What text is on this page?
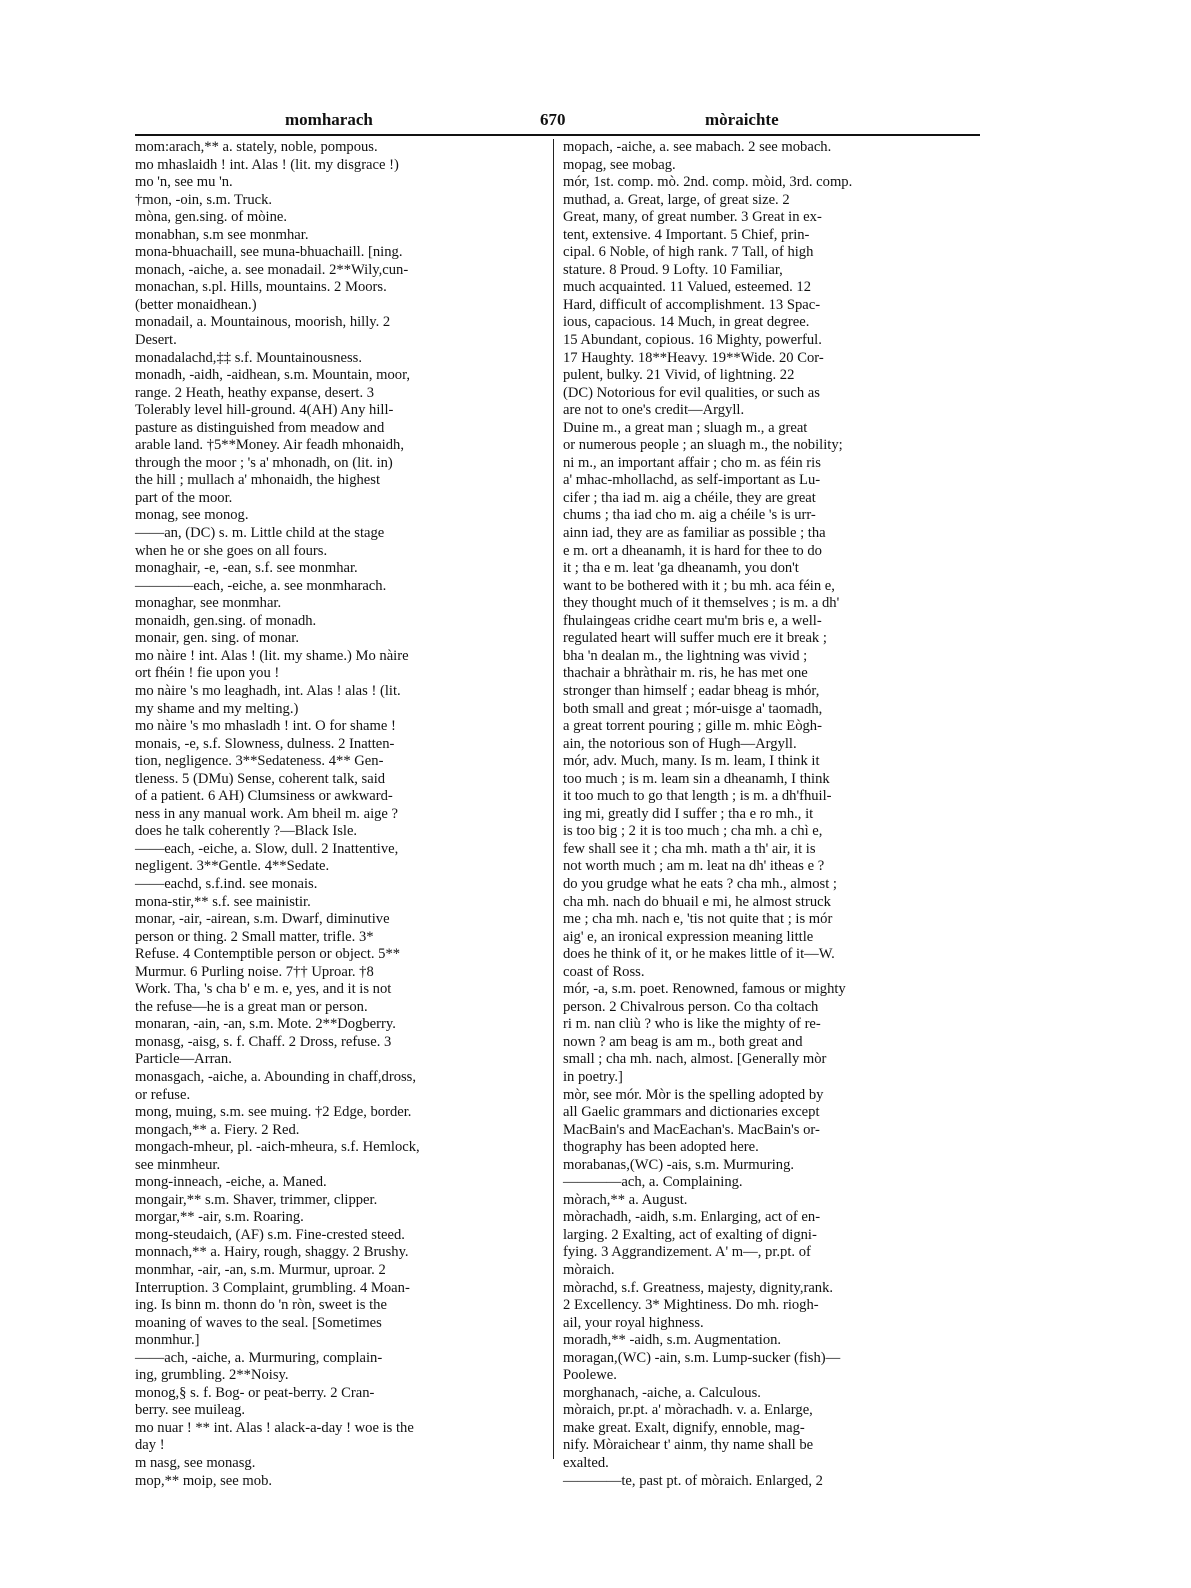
momharach	670	mòraichte
mom:arach,** a. stately, noble, pompous.
mo mhaslaidh ! int. Alas ! (lit. my disgrace !)
mo 'n, see mu 'n.
†mon, -oin, s.m. Truck.
mòna, gen.sing. of mòine.
monabhan, s.m see monmhar.
mona-bhuachaill, see muna-bhuachaill. [ning.
monach, -aiche, a. see monadail. 2**Wily,cun-
monachan, s.pl. Hills, mountains. 2 Moors.
(better monaidhean.)
monadail, a. Mountainous, moorish, hilly. 2
Desert.
monadalachd,‡‡ s.f. Mountainousness.
monadh, -aidh, -aidhean, s.m. Mountain, moor,
range. 2 Heath, heathy expanse, desert. 3
Tolerably level hill-ground. 4(AH) Any hill-
pasture as distinguished from meadow and
arable land. †5**Money. Air feadh mhonaidh,
through the moor ; 's a' mhonadh, on (lit. in)
the hill ; mullach a' mhonaidh, the highest
part of the moor.
monag, see monog.
——an, (DC) s. m. Little child at the stage
when he or she goes on all fours.
monaghair, -e, -ean, s.f. see monmhar.
————each, -eiche, a. see monmharach.
monaghar, see monmhar.
monaidh, gen.sing. of monadh.
monair, gen. sing. of monar.
mo nàire ! int. Alas ! (lit. my shame.) Mo nàire
ort fhéin ! fie upon you !
mo nàire 's mo leaghadh, int. Alas ! alas ! (lit.
my shame and my melting.)
mo nàire 's mo mhasladh ! int. O for shame !
monais, -e, s.f. Slowness, dulness. 2 Inatten-
tion, negligence. 3**Sedateness. 4** Gen-
tleness. 5 (DMu) Sense, coherent talk, said
of a patient. 6 AH) Clumsiness or awkward-
ness in any manual work. Am bheil m. aige ?
does he talk coherently ?—Black Isle.
——each, -eiche, a. Slow, dull. 2 Inattentive,
negligent. 3**Gentle. 4**Sedate.
——eachd, s.f.ind. see monais.
mona-stir,** s.f. see mainistir.
monar, -air, -airean, s.m. Dwarf, diminutive
person or thing. 2 Small matter, trifle. 3*
Refuse. 4 Contemptible person or object. 5**
Murmur. 6 Purling noise. 7†† Uproar. †8
Work. Tha, 's cha b' e m. e, yes, and it is not
the refuse—he is a great man or person.
monaran, -ain, -an, s.m. Mote. 2**Dogberry.
monasg, -aisg, s. f. Chaff. 2 Dross, refuse. 3
Particle—Arran.
monasgach, -aiche, a. Abounding in chaff,dross,
or refuse.
mong, muing, s.m. see muing. †2 Edge, border.
mongach,** a. Fiery. 2 Red.
mongach-mheur, pl. -aich-mheura, s.f. Hemlock,
see minmheur.
mong-inneach, -eiche, a. Maned.
mongair,** s.m. Shaver, trimmer, clipper.
morgar,** -air, s.m. Roaring.
mong-steudaich, (AF) s.m. Fine-crested steed.
monnach,** a. Hairy, rough, shaggy. 2 Brushy.
monmhar, -air, -an, s.m. Murmur, uproar. 2
Interruption. 3 Complaint, grumbling. 4 Moan-
ing. Is binn m. thonn do 'n ròn, sweet is the
moaning of waves to the seal. [Sometimes
monmhur.]
——ach, -aiche, a. Murmuring, complain-
ing, grumbling. 2**Noisy.
monog,§ s. f. Bog- or peat-berry. 2 Cran-
berry. see muileag.
mo nuar ! ** int. Alas ! alack-a-day ! woe is the
day !
m nasg, see monasg.
mop,** moip, see mob.
mopach, -aiche, a. see mabach. 2 see mobach.
mopag, see mobag.
mór, 1st. comp. mò. 2nd. comp. mòid, 3rd. comp.
muthad, a. Great, large, of great size. 2
Great, many, of great number. 3 Great in ex-
tent, extensive. 4 Important. 5 Chief, prin-
cipal. 6 Noble, of high rank. 7 Tall, of high
stature. 8 Proud. 9 Lofty. 10 Familiar,
much acquainted. 11 Valued, esteemed. 12
Hard, difficult of accomplishment. 13 Spac-
ious, capacious. 14 Much, in great degree.
15 Abundant, copious. 16 Mighty, powerful.
17 Haughty. 18**Heavy. 19**Wide. 20 Cor-
pulent, bulky. 21 Vivid, of lightning. 22
(DC) Notorious for evil qualities, or such as
are not to one's credit—Argyll.
Duine m., a great man ; sluagh m., a great
or numerous people ; an sluagh m., the nobility;
ni m., an important affair ; cho m. as féin ris
a' mhac-mhollachd, as self-important as Lu-
cifer ; tha iad m. aig a chéile, they are great
chums ; tha iad cho m. aig a chéile 's is urr-
ainn iad, they are as familiar as possible ; tha
e m. ort a dheanamh, it is hard for thee to do
it ; tha e m. leat 'ga dheanamh, you don't
want to be bothered with it ; bu mh. aca féin e,
they thought much of it themselves ; is m. a dh'
fhulaingeas cridhe ceart mu'm bris e, a well-
regulated heart will suffer much ere it break ;
bha 'n dealan m., the lightning was vivid ;
thachair a bhràthair m. ris, he has met one
stronger than himself ; eadar bheag is mhór,
both small and great ; mór-uisge a' taomadh,
a great torrent pouring ; gille m. mhic Eògh-
ain, the notorious son of Hugh—Argyll.
mór, adv. Much, many. Is m. leam, I think it
too much ; is m. leam sin a dheanamh, I think
it too much to go that length ; is m. a dh'fhuil-
ing mi, greatly did I suffer ; tha e ro mh., it
is too big ; 2 it is too much ; cha mh. a chì e,
few shall see it ; cha mh. math a th' air, it is
not worth much ; am m. leat na dh' itheas e ?
do you grudge what he eats ? cha mh., almost ;
cha mh. nach do bhuail e mi, he almost struck
me ; cha mh. nach e, 'tis not quite that ; is mór
aig' e, an ironical expression meaning little
does he think of it, or he makes little of it—W.
coast of Ross.
mór, -a, s.m. poet. Renowned, famous or mighty
person. 2 Chivalrous person. Co tha coltach
ri m. nan cliù ? who is like the mighty of re-
nown ? am beag is am m., both great and
small ; cha mh. nach, almost. [Generally mòr
in poetry.]
mòr, see mór. Mòr is the spelling adopted by
all Gaelic grammars and dictionaries except
MacBain's and MacEachan's. MacBain's or-
thography has been adopted here.
morabanas,(WC) -ais, s.m. Murmuring.
————ach, a. Complaining.
mòrach,** a. August.
mòrachadh, -aidh, s.m. Enlarging, act of en-
larging. 2 Exalting, act of exalting of digni-
fying. 3 Aggrandizement. A' m—, pr.pt. of
mòraich.
mòrachd, s.f. Greatness, majesty, dignity,rank.
2 Excellency. 3* Mightiness. Do mh. riogh-
ail, your royal highness.
moradh,** -aidh, s.m. Augmentation.
moragan,(WC) -ain, s.m. Lump-sucker (fish)—
Poolewe.
morghanach, -aiche, a. Calculous.
mòraich, pr.pt. a' mòrachadh. v. a. Enlarge,
make great. Exalt, dignify, ennoble, mag-
nify. Mòraichear t' ainm, thy name shall be
exalted.
————te, past pt. of mòraich. Enlarged, 2
